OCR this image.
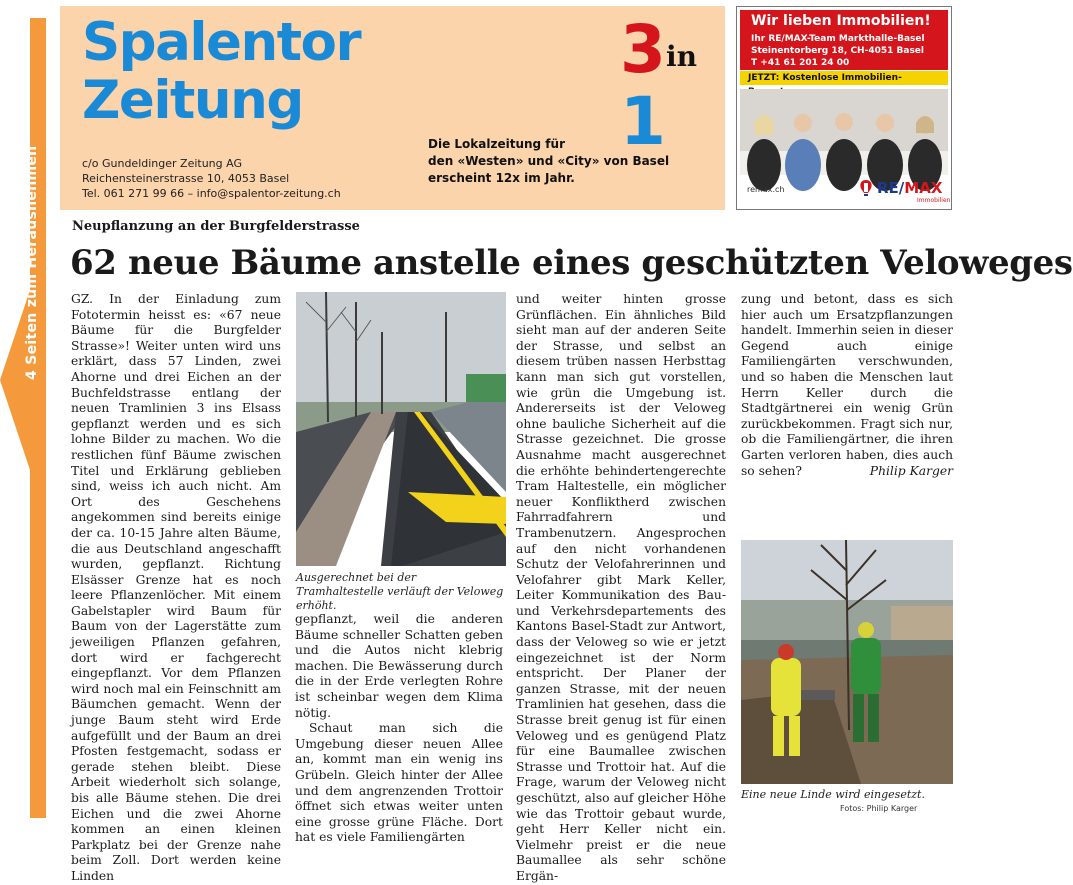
4 Seiten zum Herausnehmen
Spalentor
Zeitung
3in1
c/o Gundeldinger Zeitung AG
Reichensteinerstrasse 10, 4053 Basel
Tel. 061 271 99 66 – info@spalentor-zeitung.ch
Die Lokalzeitung für
den «Westen» und «City» von Basel
erscheint 12x im Jahr.
Wir lieben Immobilien!
Ihr RE/MAX-Team Markthalle-Basel
Steinentorberg 18, CH-4051 Basel
T +41 61 201 24 00
JETZT: Kostenlose Immobilien-
remax.ch	RE/MAX
Immobilien
Neupflanzung an der Burgfelderstrasse
62 neue Bäume anstelle eines geschützten Veloweges

GZ. In der Einladung zum Fototermin heisst es: «67 neue Bäume für die Burgfelder Strasse»! Weiter unten wird uns erklärt, dass 57 Linden, zwei Ahorne und drei Eichen an der Buchfeldstrasse entlang der neuen Tramlinien 3 ins Elsass gepflanzt werden und es sich lohne Bilder zu machen. Wo die restlichen fünf Bäume zwischen Titel und Erklärung geblieben sind, weiss ich auch nicht. Am Ort des Geschehens angekommen sind bereits einige der ca. 10-15 Jahre alten Bäume, die aus Deutschland angeschafft wurden, gepflanzt. Richtung Elsässer Grenze hat es noch leere Pflanzenlöcher. Mit einem Gabelstapler wird Baum für Baum von der Lagerstätte zum jeweiligen Pflanzen gefahren, dort wird er fachgerecht eingepflanzt. Vor dem Pflanzen wird noch mal ein Feinschnitt am Bäumchen gemacht. Wenn der junge Baum steht wird Erde aufgefüllt und der Baum an drei Pfosten festgemacht, sodass er gerade stehen bleibt. Diese Arbeit wiederholt sich solange, bis alle Bäume stehen. Die drei Eichen und die zwei Ahorne kommen an einen kleinen Parkplatz bei der Grenze nahe beim Zoll. Dort werden keine Linden

Ausgerechnet bei der Tramhaltestelle verläuft der Veloweg erhöht.

gepflanzt, weil die anderen Bäume schneller Schatten geben und die Autos nicht klebrig machen. Die Bewässerung durch die in der Erde verlegten Rohre ist scheinbar wegen dem Klima nötig.

Schaut man sich die Umgebung dieser neuen Allee an, kommt man ein wenig ins Grübeln. Gleich hinter der Allee und dem angrenzenden Trottoir öffnet sich etwas weiter unten eine grosse grüne Fläche. Dort hat es viele Familiengärten

und weiter hinten grosse Grünflächen. Ein ähnliches Bild sieht man auf der anderen Seite der Strasse, und selbst an diesem trüben nassen Herbsttag kann man sich gut vorstellen, wie grün die Umgebung ist. Andererseits ist der Veloweg ohne bauliche Sicherheit auf die Strasse gezeichnet. Die grosse Ausnahme macht ausgerechnet die erhöhte behindertengerechte Tram Haltestelle, ein möglicher neuer Konfliktherd zwischen Fahrradfahrern und Trambenutzern. Angesprochen auf den nicht vorhandenen Schutz der Velofahrerinnen und Velofahrer gibt Mark Keller, Leiter Kommunikation des Bau- und Verkehrsdepartements des Kantons Basel-Stadt zur Antwort, dass der Veloweg so wie er jetzt eingezeichnet ist der Norm entspricht. Der Planer der ganzen Strasse, mit der neuen Tramlinien hat gesehen, dass die Strasse breit genug ist für einen Veloweg und es genügend Platz für eine Baumallee zwischen Strasse und Trottoir hat. Auf die Frage, warum der Veloweg nicht geschützt, also auf gleicher Höhe wie das Trottoir gebaut wurde, geht Herr Keller nicht ein. Vielmehr preist er die neue Baumallee als sehr schöne Ergän-

zung und betont, dass es sich hier auch um Ersatzpflanzungen handelt. Immerhin seien in dieser Gegend auch einige Familiengärten verschwunden, und so haben die Menschen laut Herrn Keller durch die Stadtgärtnerei ein wenig Grün zurückbekommen. Fragt sich nur, ob die Familiengärtner, die ihren Garten verloren haben, dies auch so sehen?	Philip Karger
Eine neue Linde wird eingesetzt.
Fotos: Philip Karger
